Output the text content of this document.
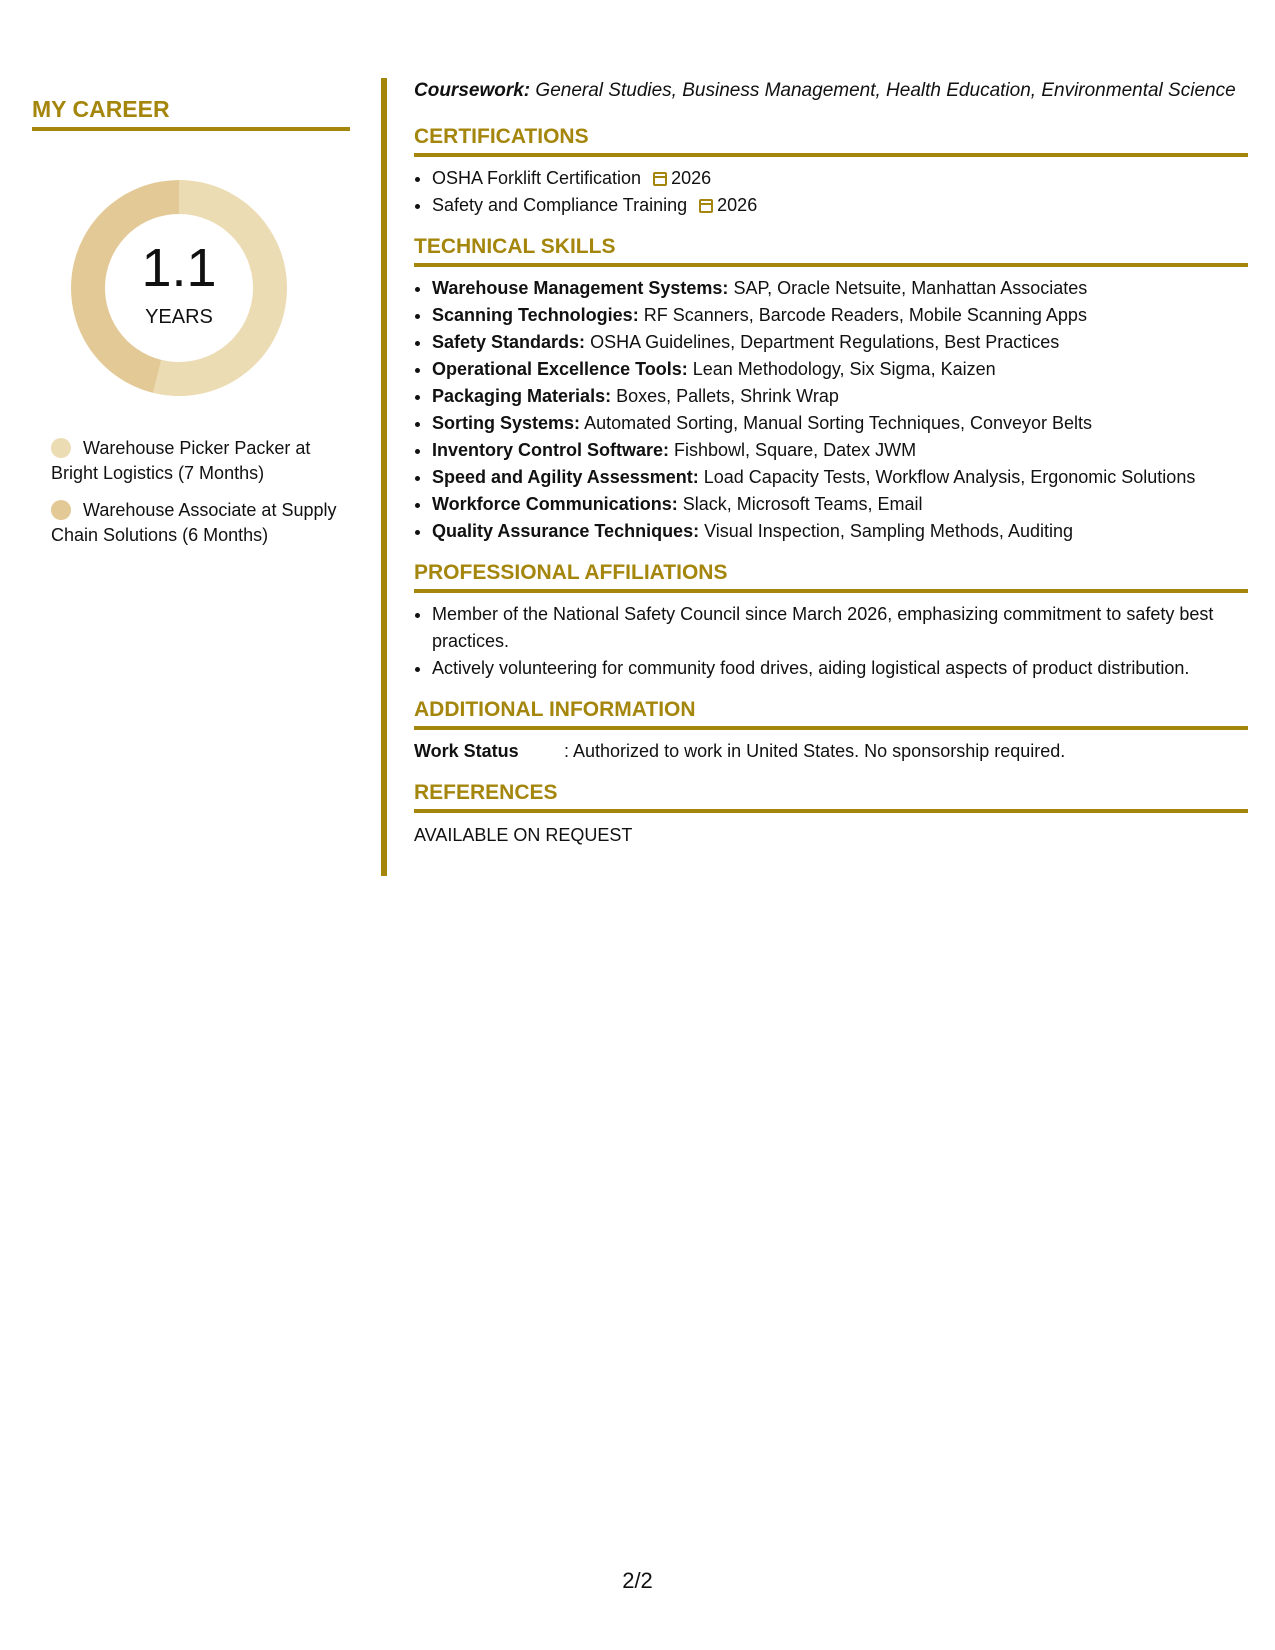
MY CAREER
1.1
YEARS
Warehouse Picker Packer at Bright Logistics (7 Months)
Warehouse Associate at Supply Chain Solutions (6 Months)

Coursework: General Studies, Business Management, Health Education, Environmental Science

CERTIFICATIONS
• OSHA Forklift Certification 2026
• Safety and Compliance Training 2026
TECHNICAL SKILLS
• Warehouse Management Systems: SAP, Oracle Netsuite, Manhattan Associates
• Scanning Technologies: RF Scanners, Barcode Readers, Mobile Scanning Apps
• Safety Standards: OSHA Guidelines, Department Regulations, Best Practices
• Operational Excellence Tools: Lean Methodology, Six Sigma, Kaizen
• Packaging Materials: Boxes, Pallets, Shrink Wrap
• Sorting Systems: Automated Sorting, Manual Sorting Techniques, Conveyor Belts
• Inventory Control Software: Fishbowl, Square, Datex JWM
• Speed and Agility Assessment: Load Capacity Tests, Workflow Analysis, Ergonomic Solutions
• Workforce Communications: Slack, Microsoft Teams, Email
• Quality Assurance Techniques: Visual Inspection, Sampling Methods, Auditing
PROFESSIONAL AFFILIATIONS
• Member of the National Safety Council since March 2026, emphasizing commitment to safety best practices.
• Actively volunteering for community food drives, aiding logistical aspects of product distribution.
ADDITIONAL INFORMATION
Work Status	: Authorized to work in United States. No sponsorship required.
REFERENCES

AVAILABLE ON REQUEST

2/2
